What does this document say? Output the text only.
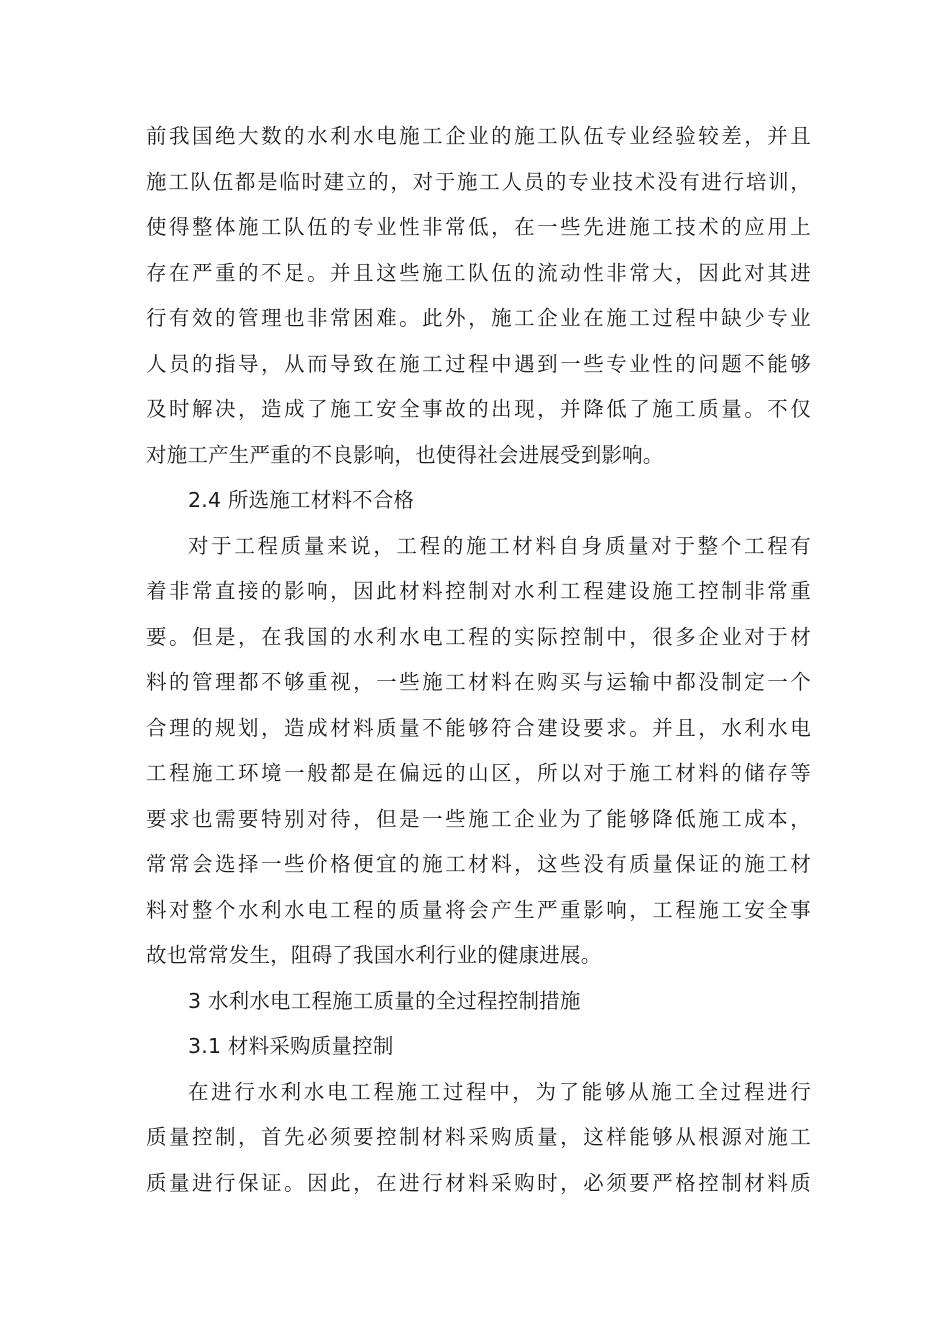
前我国绝大数的水利水电施工企业的施工队伍专业经验较差，并且
施工队伍都是临时建立的，对于施工人员的专业技术没有进行培训，
使得整体施工队伍的专业性非常低，在一些先进施工技术的应用上
存在严重的不足。并且这些施工队伍的流动性非常大，因此对其进
行有效的管理也非常困难。此外，施工企业在施工过程中缺少专业
人员的指导，从而导致在施工过程中遇到一些专业性的问题不能够
及时解决，造成了施工安全事故的出现，并降低了施工质量。不仅
对施工产生严重的不良影响，也使得社会进展受到影响。
2.4 所选施工材料不合格
对于工程质量来说，工程的施工材料自身质量对于整个工程有
着非常直接的影响，因此材料控制对水利工程建设施工控制非常重
要。但是，在我国的水利水电工程的实际控制中，很多企业对于材
料的管理都不够重视，一些施工材料在购买与运输中都没制定一个
合理的规划，造成材料质量不能够符合建设要求。并且，水利水电
工程施工环境一般都是在偏远的山区，所以对于施工材料的储存等
要求也需要特别对待，但是一些施工企业为了能够降低施工成本，
常常会选择一些价格便宜的施工材料，这些没有质量保证的施工材
料对整个水利水电工程的质量将会产生严重影响，工程施工安全事
故也常常发生，阻碍了我国水利行业的健康进展。
3 水利水电工程施工质量的全过程控制措施
3.1 材料采购质量控制
在进行水利水电工程施工过程中，为了能够从施工全过程进行
质量控制，首先必须要控制材料采购质量，这样能够从根源对施工
质量进行保证。因此，在进行材料采购时，必须要严格控制材料质
